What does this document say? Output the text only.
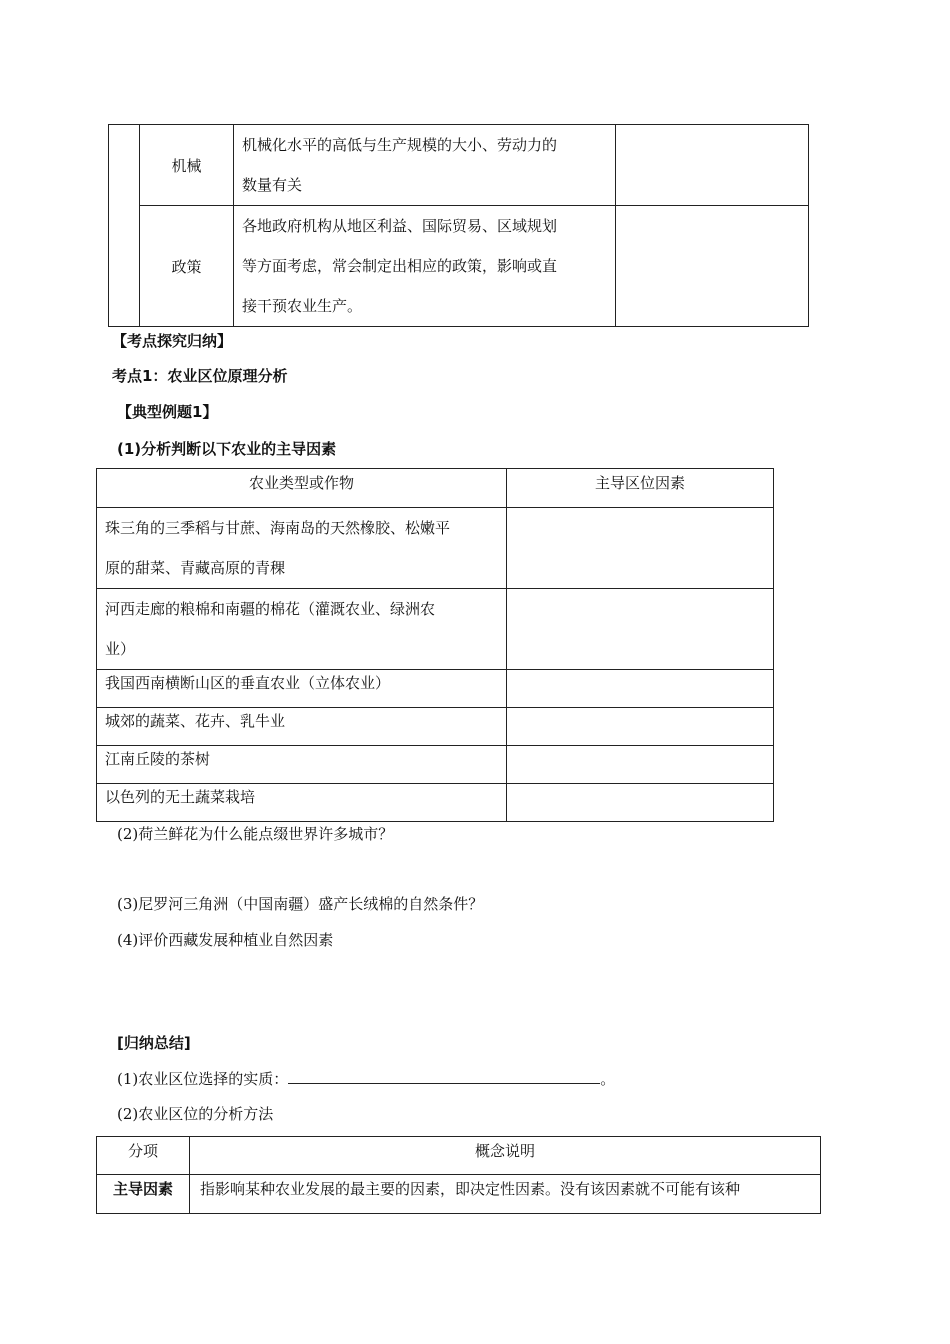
	机械	机械化水平的高低与生产规模的大小、劳动力的
数量有关	

	政策	各地政府机构从地区利益、国际贸易、区域规划
等方面考虑，常会制定出相应的政策，影响或直
接干预农业生产。	

【考点探究归纳】
考点1：农业区位原理分析
【典型例题1】
(1)分析判断以下农业的主导因素
农业类型或作物	主导区位因素

珠三角的三季稻与甘蔗、海南岛的天然橡胶、松嫩平
原的甜菜、青藏高原的青稞	

河西走廊的粮棉和南疆的棉花（灌溉农业、绿洲农
业）	

我国西南横断山区的垂直农业（立体农业）	

城郊的蔬菜、花卉、乳牛业	

江南丘陵的茶树	

以色列的无土蔬菜栽培	

(2)荷兰鲜花为什么能点缀世界许多城市？
(3)尼罗河三角洲（中国南疆）盛产长绒棉的自然条件？
(4)评价西藏发展种植业自然因素
[归纳总结]
(1)农业区位选择的实质：	。
(2)农业区位的分析方法
分项	概念说明
主导因素	指影响某种农业发展的最主要的因素，即决定性因素。没有该因素就不可能有该种
